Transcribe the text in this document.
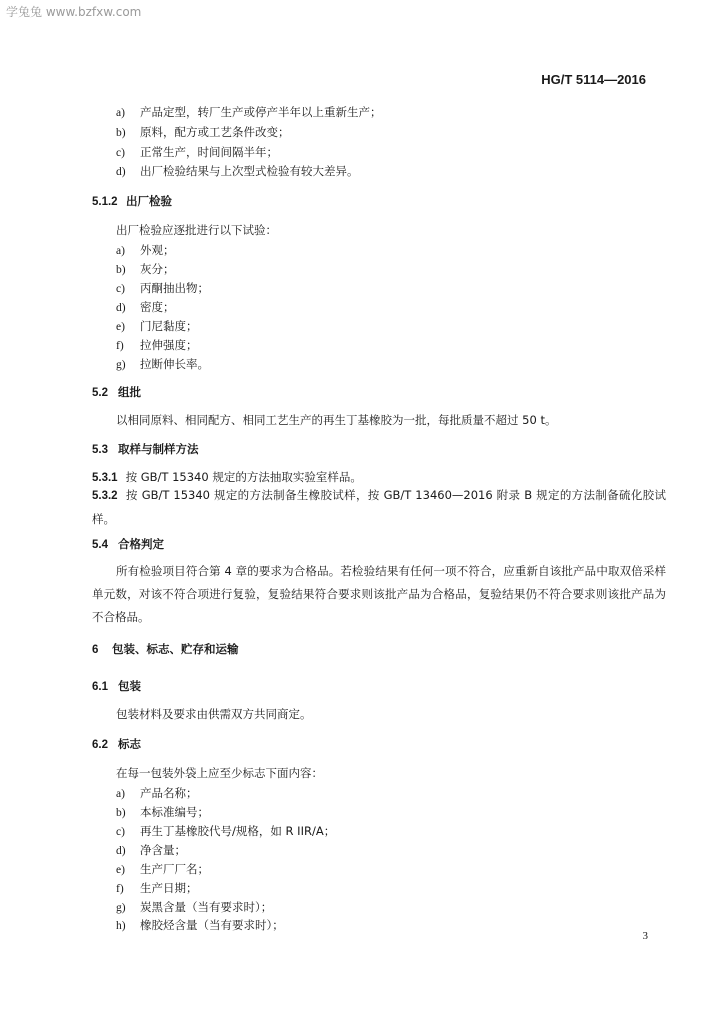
学兔兔 www.bzfxw.com
HG/T 5114—2016
a) 产品定型，转厂生产或停产半年以上重新生产；
b) 原料，配方或工艺条件改变；
c) 正常生产，时间间隔半年；
d) 出厂检验结果与上次型式检验有较大差异。
5.1.2 出厂检验
出厂检验应逐批进行以下试验：
a) 外观；
b) 灰分；
c) 丙酮抽出物；
d) 密度；
e) 门尼黏度；
f) 拉伸强度；
g) 拉断伸长率。
5.2 组批
以相同原料、相同配方、相同工艺生产的再生丁基橡胶为一批，每批质量不超过 50 t。
5.3 取样与制样方法
5.3.1 按 GB/T 15340 规定的方法抽取实验室样品。
5.3.2 按 GB/T 15340 规定的方法制备生橡胶试样，按 GB/T 13460—2016 附录 B 规定的方法制备硫化胶试样。
5.4 合格判定
所有检验项目符合第 4 章的要求为合格品。若检验结果有任何一项不符合，应重新自该批产品中取双倍采样单元数，对该不符合项进行复验，复验结果符合要求则该批产品为合格品，复验结果仍不符合要求则该批产品为不合格品。
6 包装、标志、贮存和运输
6.1 包装
包装材料及要求由供需双方共同商定。
6.2 标志
在每一包装外袋上应至少标志下面内容：
a) 产品名称；
b) 本标准编号；
c) 再生丁基橡胶代号/规格，如 R IIR/A；
d) 净含量；
e) 生产厂厂名；
f) 生产日期；
g) 炭黑含量（当有要求时）；
h) 橡胶烃含量（当有要求时）；
3
